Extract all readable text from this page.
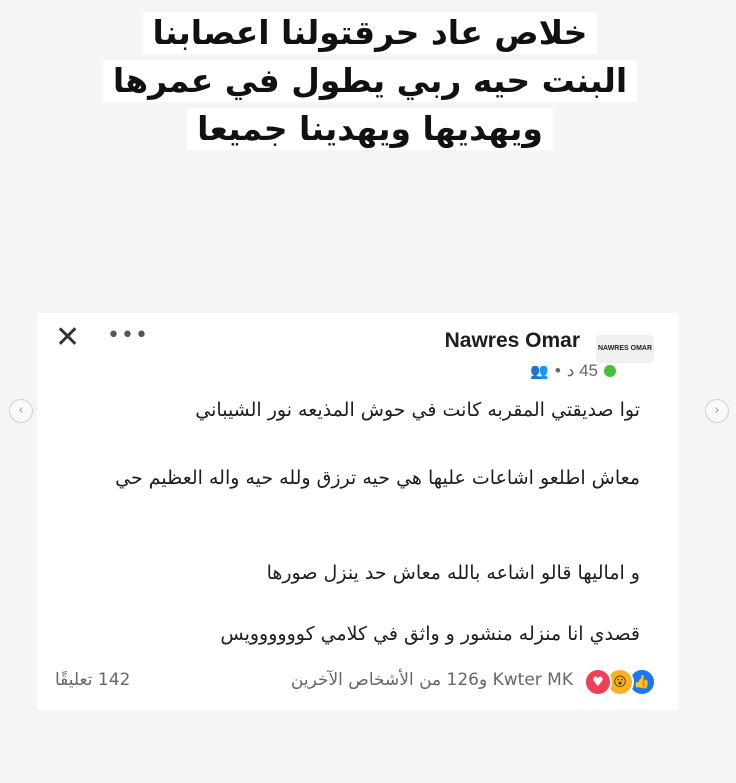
خلاص عاد حرقتولنا اعصابنا
البنت حيه ربي يطول في عمرها
ويهديها ويهدينا جميعا
‹	›
✕ •••	Nawres Omar	NAWRES OMAR
45 د
•
👥
توا صديقتي المقربه كانت في حوش المذيعه نور الشيباني
معاش اطلعو اشاعات عليها هي حيه ترزق ولله حيه واله العظيم حي
و اماليها قالو اشاعه بالله معاش حد ينزل صورها
قصدي انا منزله منشور و واثق في كلامي كوووووويس
142 تعليقًا	Kwter MK و126 من الأشخاص الآخرين	👍
😮
♥
